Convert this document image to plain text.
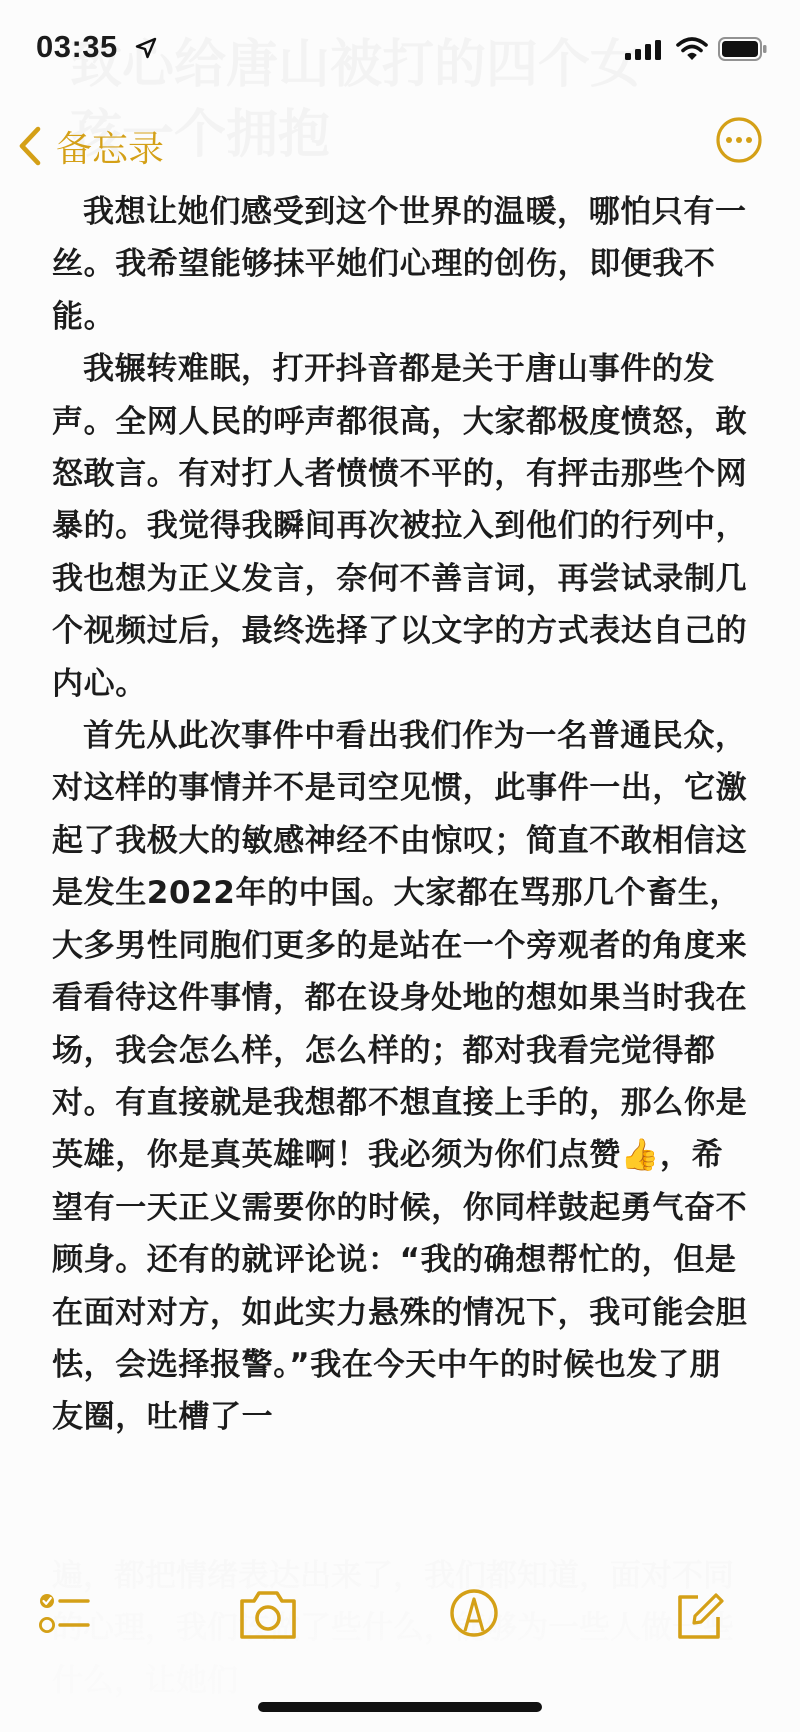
03:35
备忘录

我想让她们感受到这个世界的温暖，哪怕只有一丝。我希望能够抹平她们心理的创伤，即便我不能。

我辗转难眠，打开抖音都是关于唐山事件的发声。全网人民的呼声都很高，大家都极度愤怒，敢怒敢言。有对打人者愤愤不平的，有抨击那些个网暴的。我觉得我瞬间再次被拉入到他们的行列中，我也想为正义发言，奈何不善言词，再尝试录制几个视频过后，最终选择了以文字的方式表达自己的内心。

首先从此次事件中看出我们作为一名普通民众，对这样的事情并不是司空见惯，此事件一出，它激起了我极大的敏感神经不由惊叹；简直不敢相信这是发生2022年的中国。大家都在骂那几个畜生，大多男性同胞们更多的是站在一个旁观者的角度来看看待这件事情，都在设身处地的想如果当时我在场，我会怎么样，怎么样的；都对我看完觉得都对。有直接就是我想都不想直接上手的，那么你是英雄，你是真英雄啊！我必须为你们点赞👍，希望有一天正义需要你的时候，你同样鼓起勇气奋不顾身。还有的就评论说：“我的确想帮忙的，但是在面对对方，如此实力悬殊的情况下，我可能会胆怯，会选择报警。”我在今天中午的时候也发了朋友圈，吐槽了一
